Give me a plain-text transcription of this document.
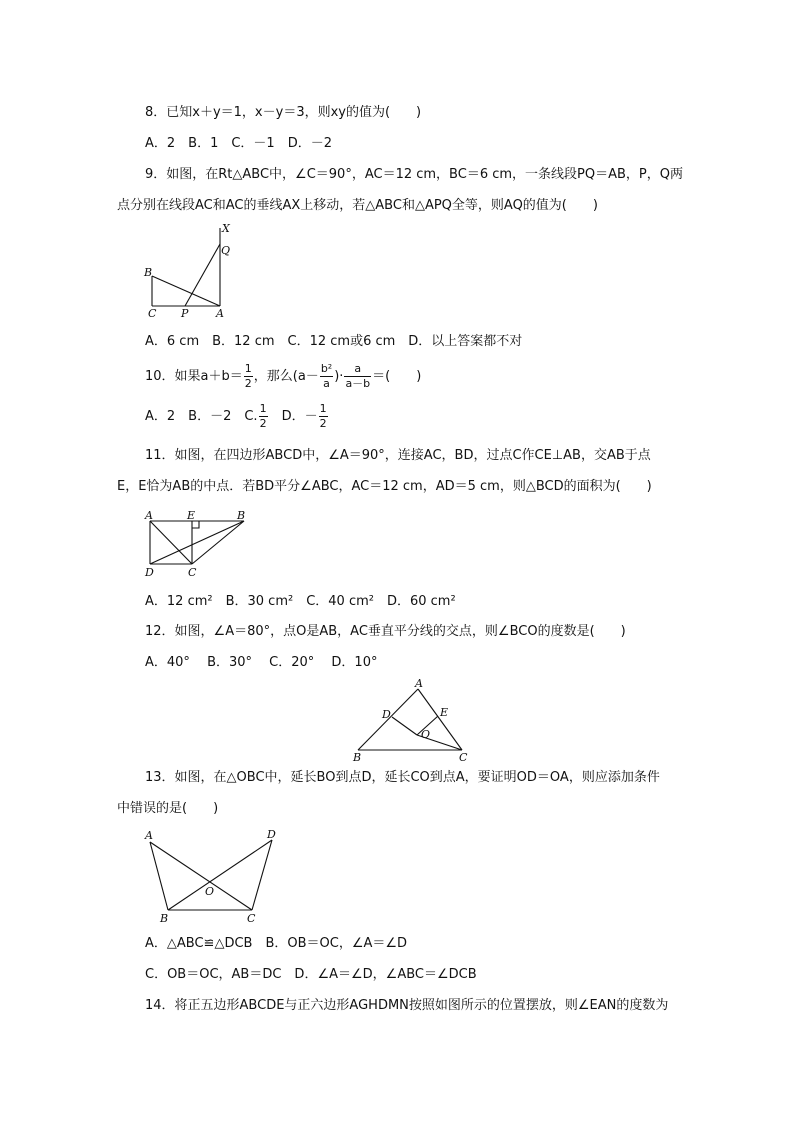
8．已知x＋y＝1，x－y＝3，则xy的值为(　　)
A．2　B．1　C．－1　D．－2
9．如图，在Rt△ABC中，∠C＝90°，AC＝12 cm，BC＝6 cm，一条线段PQ＝AB，P，Q两
点分别在线段AC和AC的垂线AX上移动，若△ABC和△APQ全等，则AQ的值为(　　)
X
Q
B
C P	A
A．6 cm　B．12 cm　C．12 cm或6 cm　D．以上答案都不对
10．如果$a+b= \frac{1}{2}$ ，那么($a- \frac{\text{b²}}{a}$ )· $\frac{a}{a-b}$ ＝(　　)
A．2　B．－2　C. $\frac{1}{2}$ 　D．－ $\frac{1}{2}$
11．如图，在四边形ABCD中，∠A＝90°，连接AC，BD，过点C作CE⊥AB，交AB于点
E，E恰为AB的中点．若BD平分∠ABC，AC＝12 cm，AD＝5 cm，则△BCD的面积为(　　)
A	E	B
D	C
A．12 cm²　B．30 cm²　C．40 cm²　D．60 cm²
12．如图，∠A＝80°，点O是AB，AC垂直平分线的交点，则∠BCO的度数是(　　)
A．40°　 B．30°　 C．20°　 D．10°
A
D	E
O
B	C
13．如图，在△OBC中，延长BO到点D，延长CO到点A，要证明OD＝OA，则应添加条件
中错误的是(　　)
A	D
O
B	C
A．△ABC≌△DCB　B．OB＝OC，∠A＝∠D
C．OB＝OC，AB＝DC　D．∠A＝∠D，∠ABC＝∠DCB
14．将正五边形ABCDE与正六边形AGHDMN按照如图所示的位置摆放，则∠EAN的度数为
